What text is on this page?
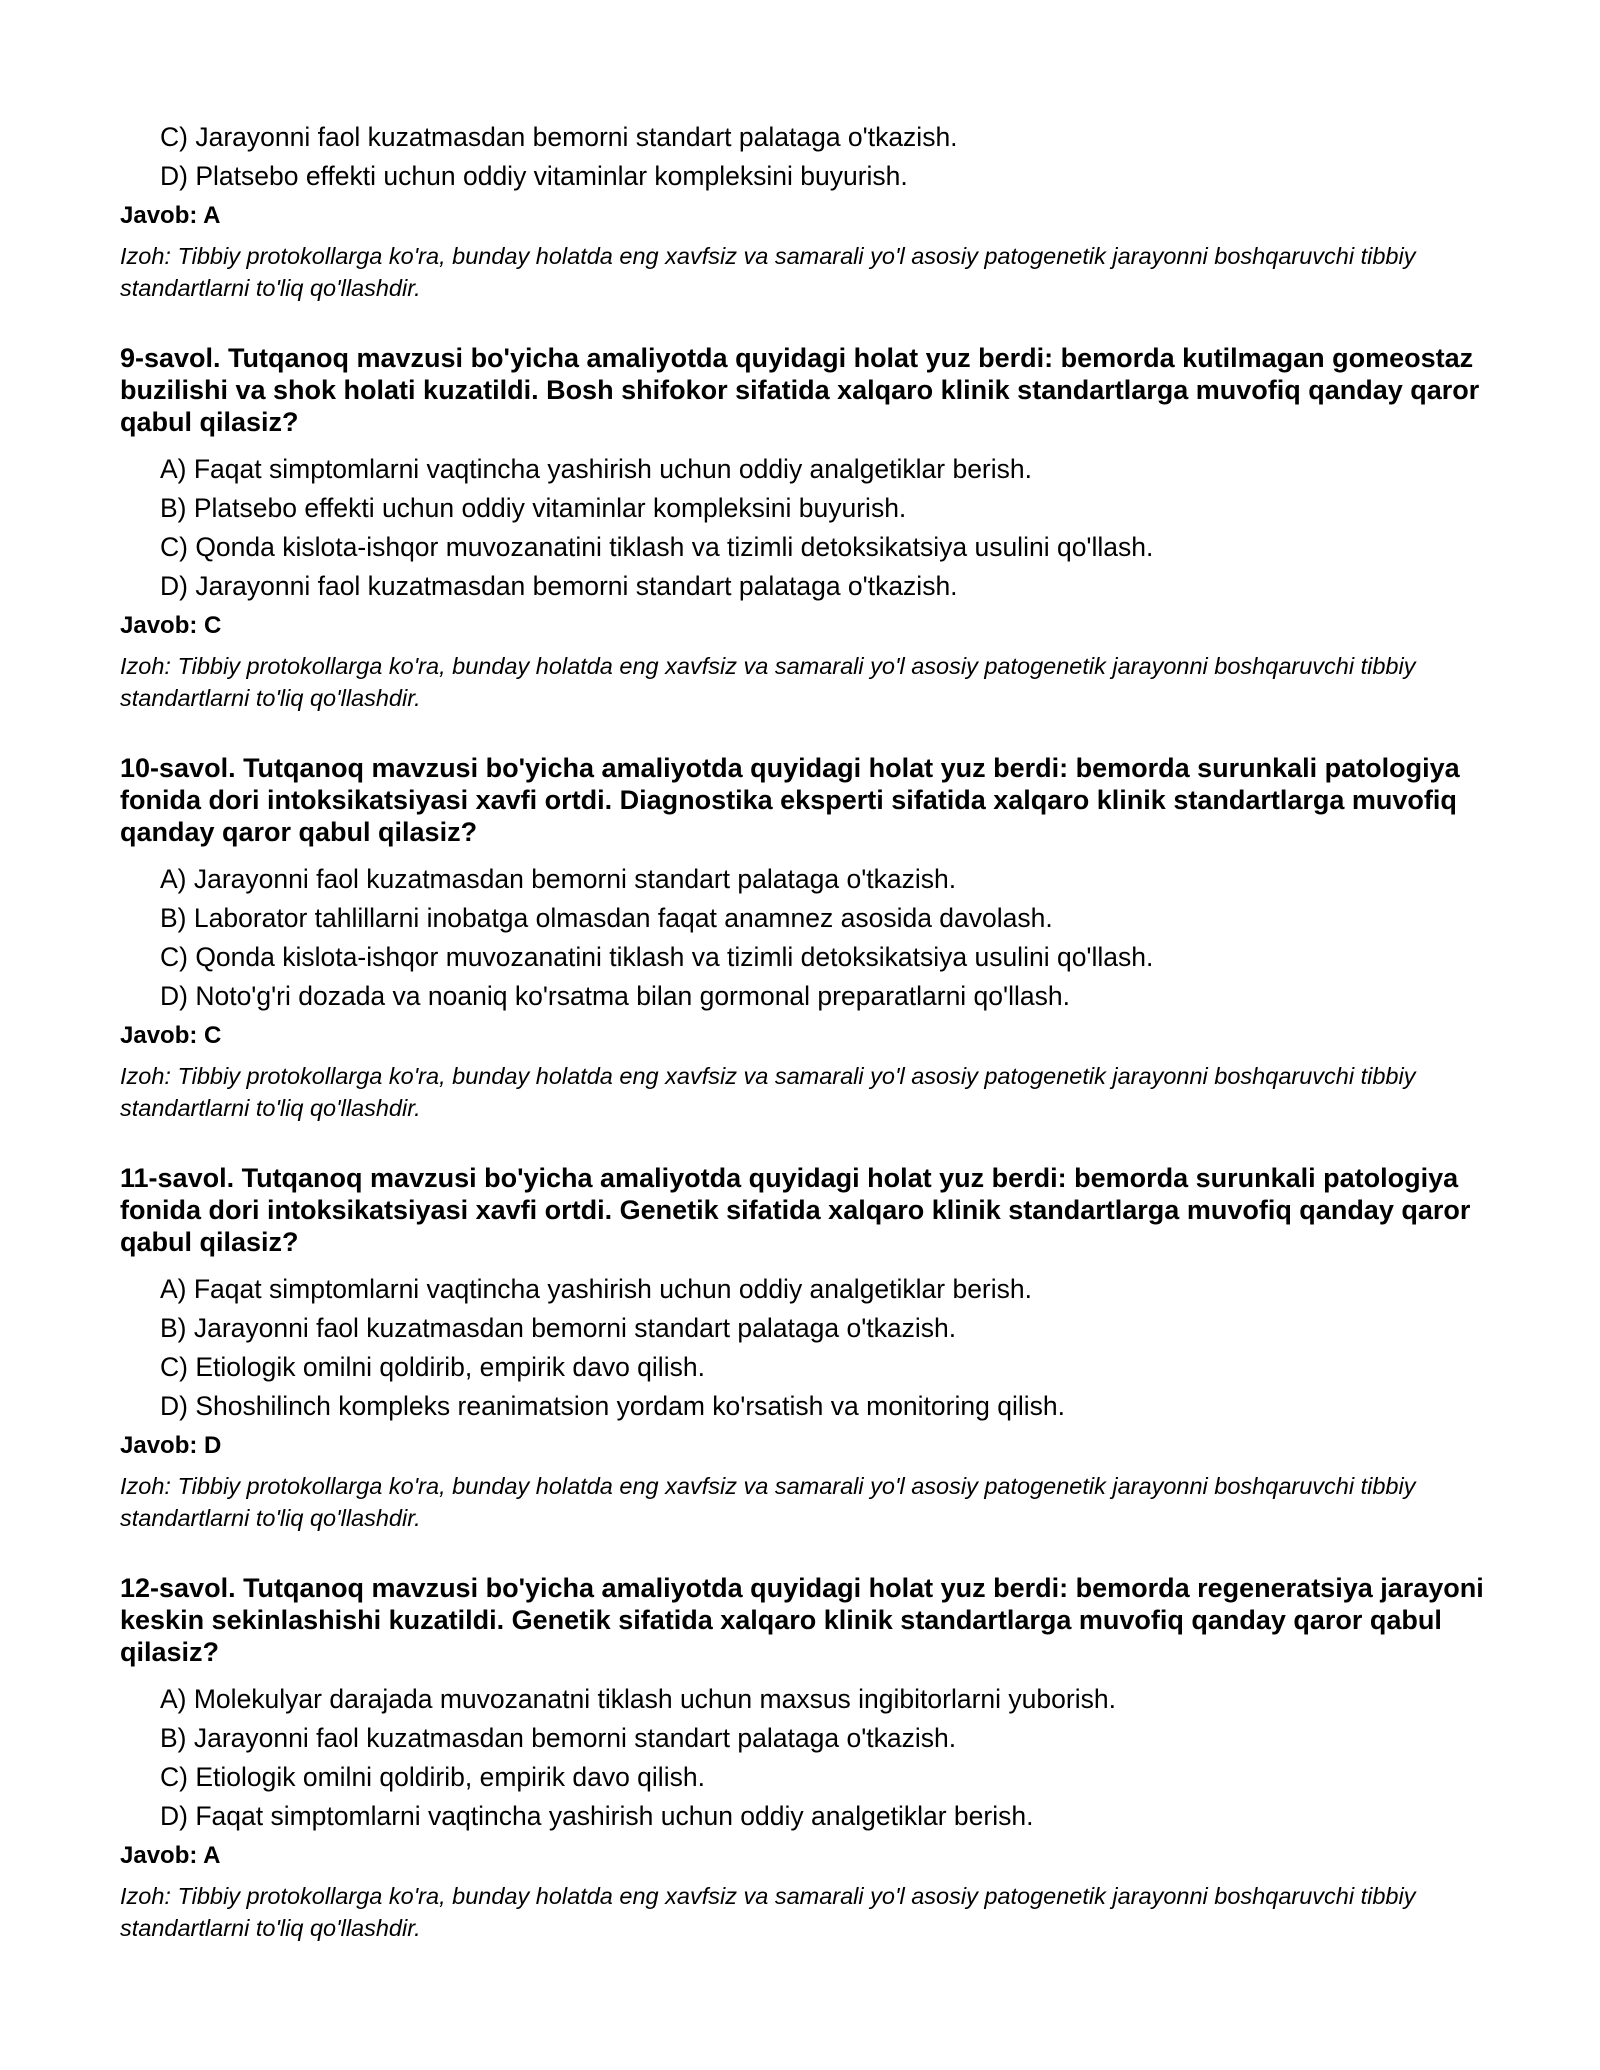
C) Jarayonni faol kuzatmasdan bemorni standart palataga o'tkazish.
D) Platsebo effekti uchun oddiy vitaminlar kompleksini buyurish.
Javob: A
Izoh: Tibbiy protokollarga ko'ra, bunday holatda eng xavfsiz va samarali yo'l asosiy patogenetik jarayonni boshqaruvchi tibbiy standartlarni to'liq qo'llashdir.
9-savol. Tutqanoq mavzusi bo'yicha amaliyotda quyidagi holat yuz berdi: bemorda kutilmagan gomeostaz buzilishi va shok holati kuzatildi. Bosh shifokor sifatida xalqaro klinik standartlarga muvofiq qanday qaror qabul qilasiz?
A) Faqat simptomlarni vaqtincha yashirish uchun oddiy analgetiklar berish.
B) Platsebo effekti uchun oddiy vitaminlar kompleksini buyurish.
C) Qonda kislota-ishqor muvozanatini tiklash va tizimli detoksikatsiya usulini qo'llash.
D) Jarayonni faol kuzatmasdan bemorni standart palataga o'tkazish.
Javob: C
Izoh: Tibbiy protokollarga ko'ra, bunday holatda eng xavfsiz va samarali yo'l asosiy patogenetik jarayonni boshqaruvchi tibbiy standartlarni to'liq qo'llashdir.
10-savol. Tutqanoq mavzusi bo'yicha amaliyotda quyidagi holat yuz berdi: bemorda surunkali patologiya fonida dori intoksikatsiyasi xavfi ortdi. Diagnostika eksperti sifatida xalqaro klinik standartlarga muvofiq qanday qaror qabul qilasiz?
A) Jarayonni faol kuzatmasdan bemorni standart palataga o'tkazish.
B) Laborator tahlillarni inobatga olmasdan faqat anamnez asosida davolash.
C) Qonda kislota-ishqor muvozanatini tiklash va tizimli detoksikatsiya usulini qo'llash.
D) Noto'g'ri dozada va noaniq ko'rsatma bilan gormonal preparatlarni qo'llash.
Javob: C
Izoh: Tibbiy protokollarga ko'ra, bunday holatda eng xavfsiz va samarali yo'l asosiy patogenetik jarayonni boshqaruvchi tibbiy standartlarni to'liq qo'llashdir.
11-savol. Tutqanoq mavzusi bo'yicha amaliyotda quyidagi holat yuz berdi: bemorda surunkali patologiya fonida dori intoksikatsiyasi xavfi ortdi. Genetik sifatida xalqaro klinik standartlarga muvofiq qanday qaror qabul qilasiz?
A) Faqat simptomlarni vaqtincha yashirish uchun oddiy analgetiklar berish.
B) Jarayonni faol kuzatmasdan bemorni standart palataga o'tkazish.
C) Etiologik omilni qoldirib, empirik davo qilish.
D) Shoshilinch kompleks reanimatsion yordam ko'rsatish va monitoring qilish.
Javob: D
Izoh: Tibbiy protokollarga ko'ra, bunday holatda eng xavfsiz va samarali yo'l asosiy patogenetik jarayonni boshqaruvchi tibbiy standartlarni to'liq qo'llashdir.
12-savol. Tutqanoq mavzusi bo'yicha amaliyotda quyidagi holat yuz berdi: bemorda regeneratsiya jarayoni keskin sekinlashishi kuzatildi. Genetik sifatida xalqaro klinik standartlarga muvofiq qanday qaror qabul qilasiz?
A) Molekulyar darajada muvozanatni tiklash uchun maxsus ingibitorlarni yuborish.
B) Jarayonni faol kuzatmasdan bemorni standart palataga o'tkazish.
C) Etiologik omilni qoldirib, empirik davo qilish.
D) Faqat simptomlarni vaqtincha yashirish uchun oddiy analgetiklar berish.
Javob: A
Izoh: Tibbiy protokollarga ko'ra, bunday holatda eng xavfsiz va samarali yo'l asosiy patogenetik jarayonni boshqaruvchi tibbiy standartlarni to'liq qo'llashdir.
